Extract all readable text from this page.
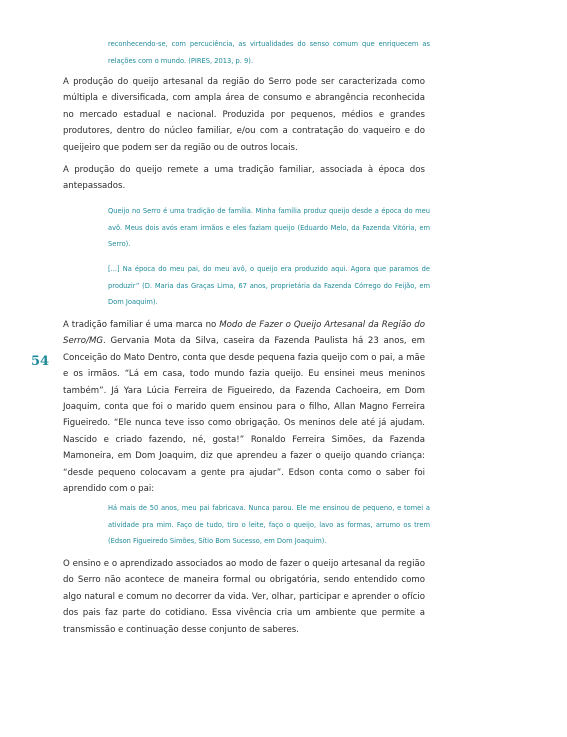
reconhecendo-se, com percuciência, as virtualidades do senso comum que enriquecem as relações com o mundo. (PIRES, 2013, p. 9).

A produção do queijo artesanal da região do Serro pode ser caracterizada como múltipla e diversificada, com ampla área de consumo e abrangência reconhecida no mercado estadual e nacional. Produzida por pequenos, médios e grandes produtores, dentro do núcleo familiar, e/ou com a contratação do vaqueiro e do queijeiro que podem ser da região ou de outros locais.

A produção do queijo remete a uma tradição familiar, associada à época dos antepassados.

Queijo no Serro é uma tradição de família. Minha família produz queijo desde a época do meu avô. Meus dois avós eram irmãos e eles faziam queijo (Eduardo Melo, da Fazenda Vitória, em Serro).

[...] Na época do meu pai, do meu avô, o queijo era produzido aqui. Agora que paramos de produzir” (D. Maria das Graças Lima, 67 anos, proprietária da Fazenda Córrego do Feijão, em Dom Joaquim).

54

A tradição familiar é uma marca no Modo de Fazer o Queijo Artesanal da Região do Serro/MG. Gervania Mota da Silva, caseira da Fazenda Paulista há 23 anos, em Conceição do Mato Dentro, conta que desde pequena fazia queijo com o pai, a mãe e os irmãos. “Lá em casa, todo mundo fazia queijo. Eu ensinei meus meninos também”. Já Yara Lúcia Ferreira de Figueiredo, da Fazenda Cachoeira, em Dom Joaquim, conta que foi o marido quem ensinou para o filho, Allan Magno Ferreira Figueiredo. “Ele nunca teve isso como obrigação. Os meninos dele até já ajudam. Nascido e criado fazendo, né, gosta!” Ronaldo Ferreira Simões, da Fazenda Mamoneira, em Dom Joaquim, diz que aprendeu a fazer o queijo quando criança: “desde pequeno colocavam a gente pra ajudar”. Edson conta como o saber foi aprendido com o pai:

Há mais de 50 anos, meu pai fabricava. Nunca parou. Ele me ensinou de pequeno, e tomei a atividade pra mim. Faço de tudo, tiro o leite, faço o queijo, lavo as formas, arrumo os trem (Edson Figueiredo Simões, Sítio Bom Sucesso, em Dom Joaquim).

O ensino e o aprendizado associados ao modo de fazer o queijo artesanal da região do Serro não acontece de maneira formal ou obrigatória, sendo entendido como algo natural e comum no decorrer da vida. Ver, olhar, participar e aprender o ofício dos pais faz parte do cotidiano. Essa vivência cria um ambiente que permite a transmissão e continuação desse conjunto de saberes.
